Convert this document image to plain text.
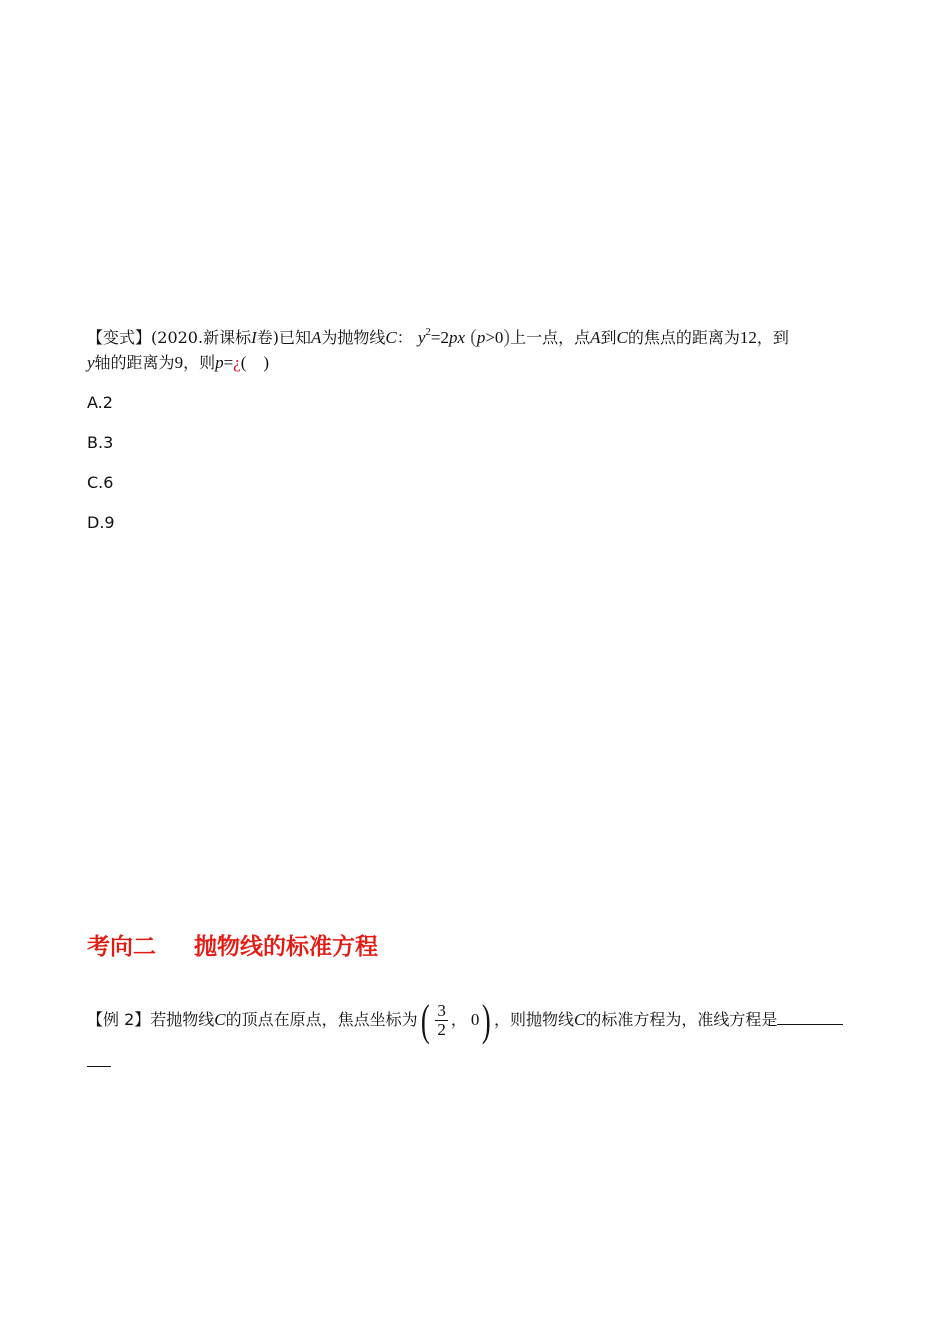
【变式】(2020.新课标I卷)已知A为抛物线C： $y^2=2px$ (p>0)上一点，点A到C的焦点的距离为12，到
y轴的距离为9，则p=¿(    )
A.2
B.3
C.6
D.9
考向二 抛物线的标准方程
【例 2】若抛物线C的顶点在原点，焦点坐标为( $\frac{3}{2}$ ， 0) ，则抛物线C的标准方程为，准线方程是
